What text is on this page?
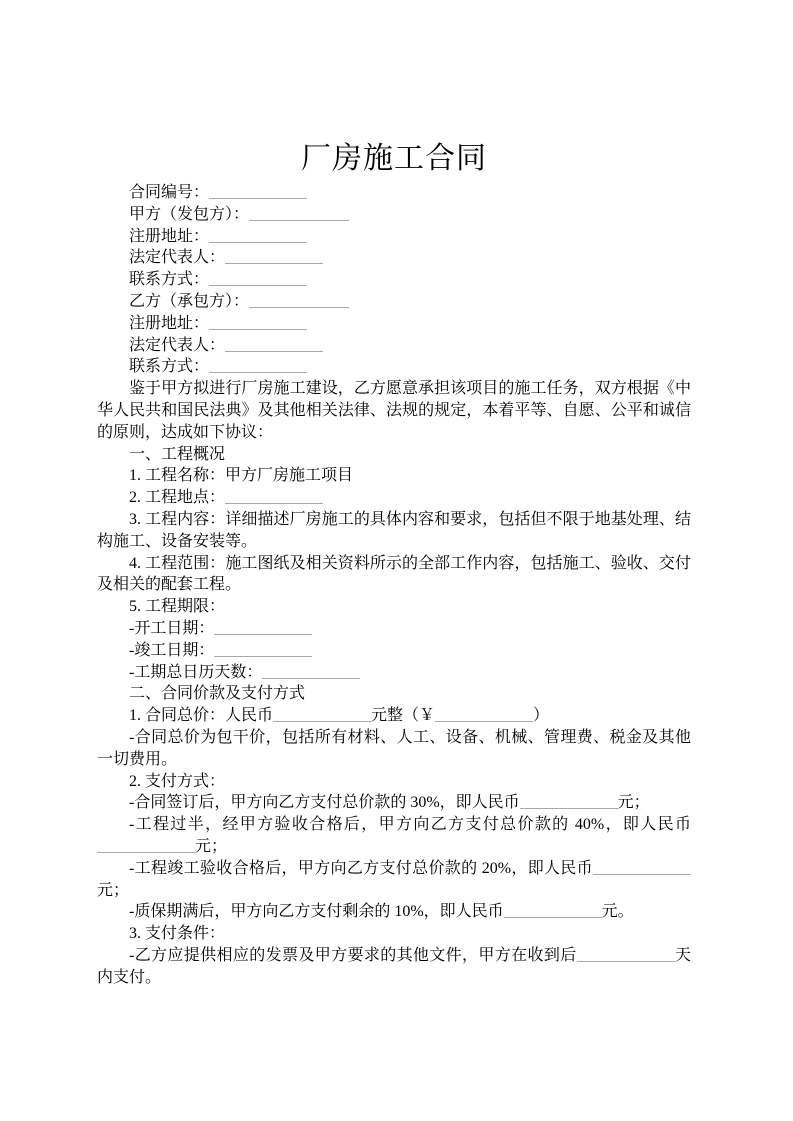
厂房施工合同

合同编号：

甲方（发包方）：

注册地址：

法定代表人：

联系方式：

乙方（承包方）：

注册地址：

法定代表人：

联系方式：

鉴于甲方拟进行厂房施工建设，乙方愿意承担该项目的施工任务，双方根据《中华人民共和国民法典》及其他相关法律、法规的规定，本着平等、自愿、公平和诚信的原则，达成如下协议：

一、工程概况

1. 工程名称：甲方厂房施工项目

2. 工程地点：

3. 工程内容：详细描述厂房施工的具体内容和要求，包括但不限于地基处理、结构施工、设备安装等。

4. 工程范围：施工图纸及相关资料所示的全部工作内容，包括施工、验收、交付及相关的配套工程。

5. 工程期限：

-开工日期：

-竣工日期：

-工期总日历天数：

二、合同价款及支付方式

1. 合同总价：人民币	元整（￥	）

-合同总价为包干价，包括所有材料、人工、设备、机械、管理费、税金及其他一切费用。

2. 支付方式：

-合同签订后，甲方向乙方支付总价款的 30%，即人民币	元；

-工程过半，经甲方验收合格后，甲方向乙方支付总价款的 40%，即人民币元；

-工程竣工验收合格后，甲方向乙方支付总价款的 20%，即人民币元；

-质保期满后，甲方向乙方支付剩余的 10%，即人民币	元。

3. 支付条件：

-乙方应提供相应的发票及甲方要求的其他文件，甲方在收到后	天内支付。
